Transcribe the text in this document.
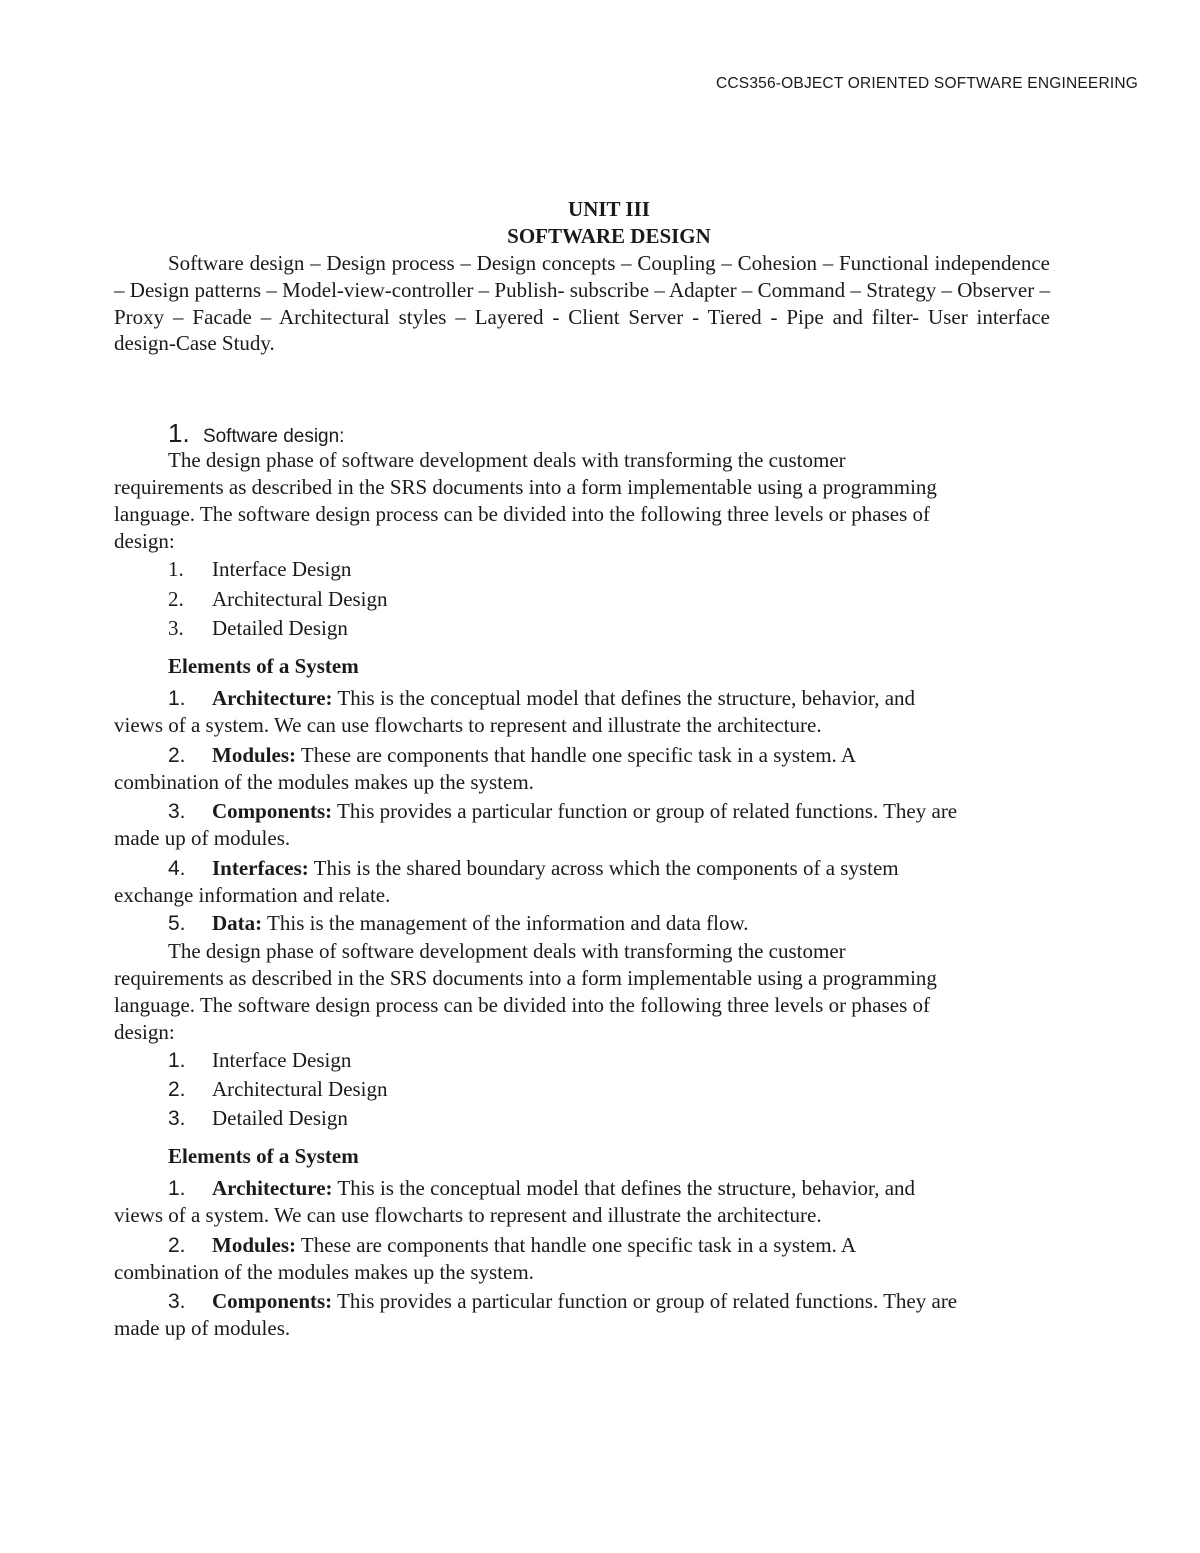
CCS356-OBJECT ORIENTED SOFTWARE ENGINEERING
UNIT III
SOFTWARE DESIGN
Software design – Design process – Design concepts – Coupling – Cohesion – Functional independence – Design patterns – Model-view-controller – Publish- subscribe – Adapter – Command – Strategy – Observer – Proxy – Facade – Architectural styles – Layered - Client Server - Tiered - Pipe and filter- User interface design-Case Study.
1. Software design:
The design phase of software development deals with transforming the customer
requirements as described in the SRS documents into a form implementable using a programming
language. The software design process can be divided into the following three levels or phases of
design:
1. Interface Design
2. Architectural Design
3. Detailed Design
Elements of a System
1. Architecture: This is the conceptual model that defines the structure, behavior, and
views of a system. We can use flowcharts to represent and illustrate the architecture.
2. Modules: These are components that handle one specific task in a system. A
combination of the modules makes up the system.
3. Components: This provides a particular function or group of related functions. They are
made up of modules.
4. Interfaces: This is the shared boundary across which the components of a system
exchange information and relate.
5. Data: This is the management of the information and data flow.
The design phase of software development deals with transforming the customer
requirements as described in the SRS documents into a form implementable using a programming
language. The software design process can be divided into the following three levels or phases of
design:
1. Interface Design
2. Architectural Design
3. Detailed Design
Elements of a System
1. Architecture: This is the conceptual model that defines the structure, behavior, and
views of a system. We can use flowcharts to represent and illustrate the architecture.
2. Modules: These are components that handle one specific task in a system. A
combination of the modules makes up the system.
3. Components: This provides a particular function or group of related functions. They are
made up of modules.
